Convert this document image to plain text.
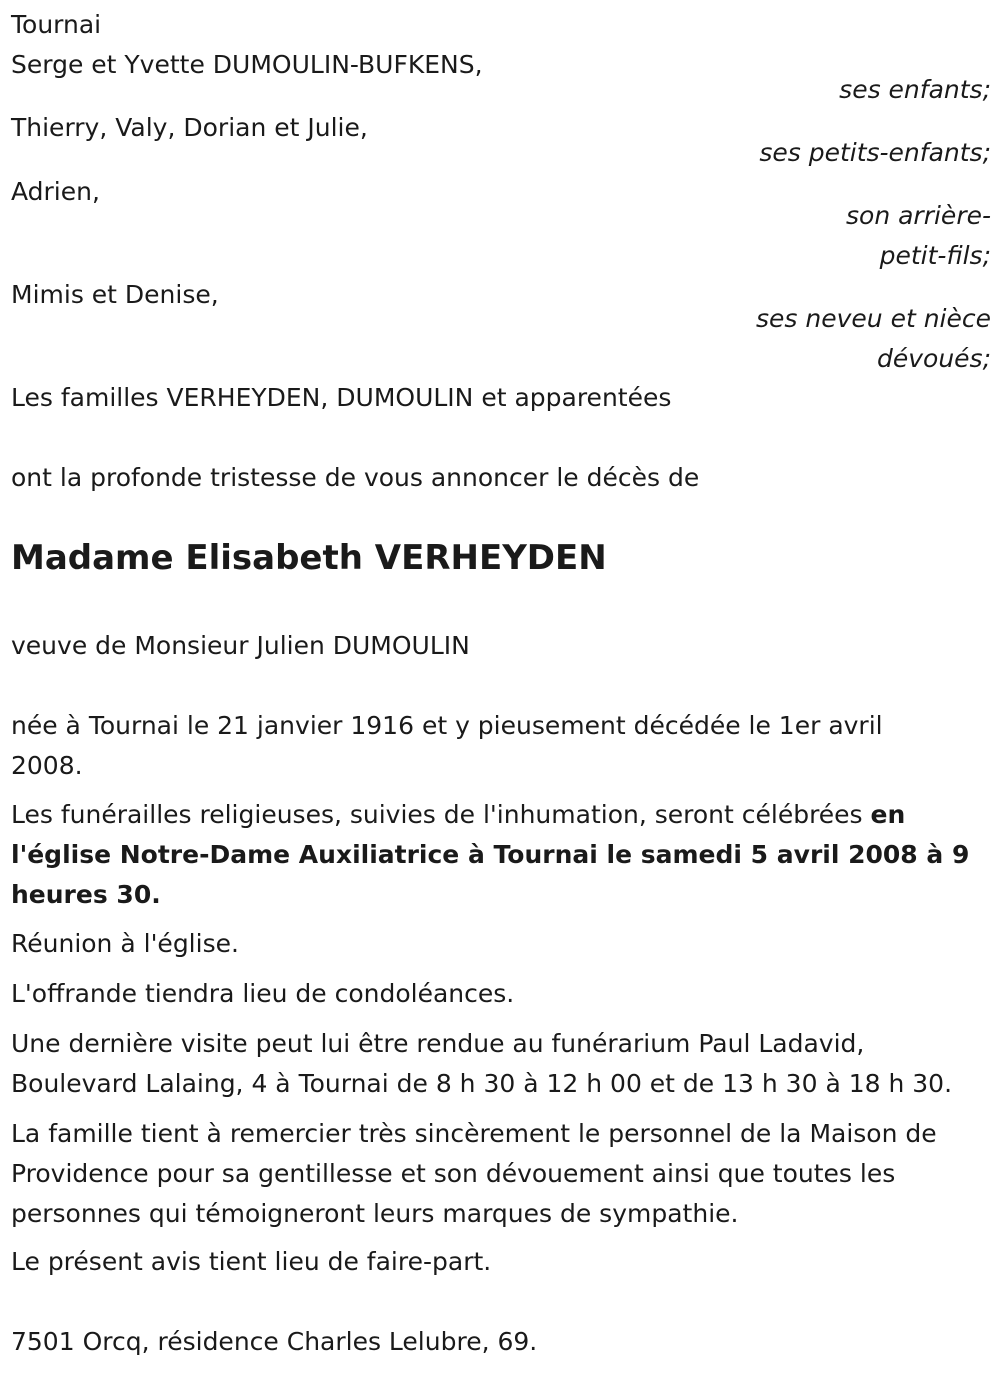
Tournai
Serge et Yvette DUMOULIN-BUFKENS,
ses enfants;
Thierry, Valy, Dorian et Julie,
ses petits-enfants;
Adrien,
son arrière-
petit-fils;
Mimis et Denise,
ses neveu et nièce
dévoués;
Les familles VERHEYDEN, DUMOULIN et apparentées
ont la profonde tristesse de vous annoncer le décès de
Madame Elisabeth VERHEYDEN
veuve de Monsieur Julien DUMOULIN
née à Tournai le 21 janvier 1916 et y pieusement décédée le 1er avril 2008.
Les funérailles religieuses, suivies de l'inhumation, seront célébrées en l'église Notre-Dame Auxiliatrice à Tournai le samedi 5 avril 2008 à 9 heures 30.
Réunion à l'église.
L'offrande tiendra lieu de condoléances.
Une dernière visite peut lui être rendue au funérarium Paul Ladavid, Boulevard Lalaing, 4 à Tournai de 8 h 30 à 12 h 00 et de 13 h 30 à 18 h 30.
La famille tient à remercier très sincèrement le personnel de la Maison de Providence pour sa gentillesse et son dévouement ainsi que toutes les personnes qui témoigneront leurs marques de sympathie.
Le présent avis tient lieu de faire-part.
7501 Orcq, résidence Charles Lelubre, 69.
